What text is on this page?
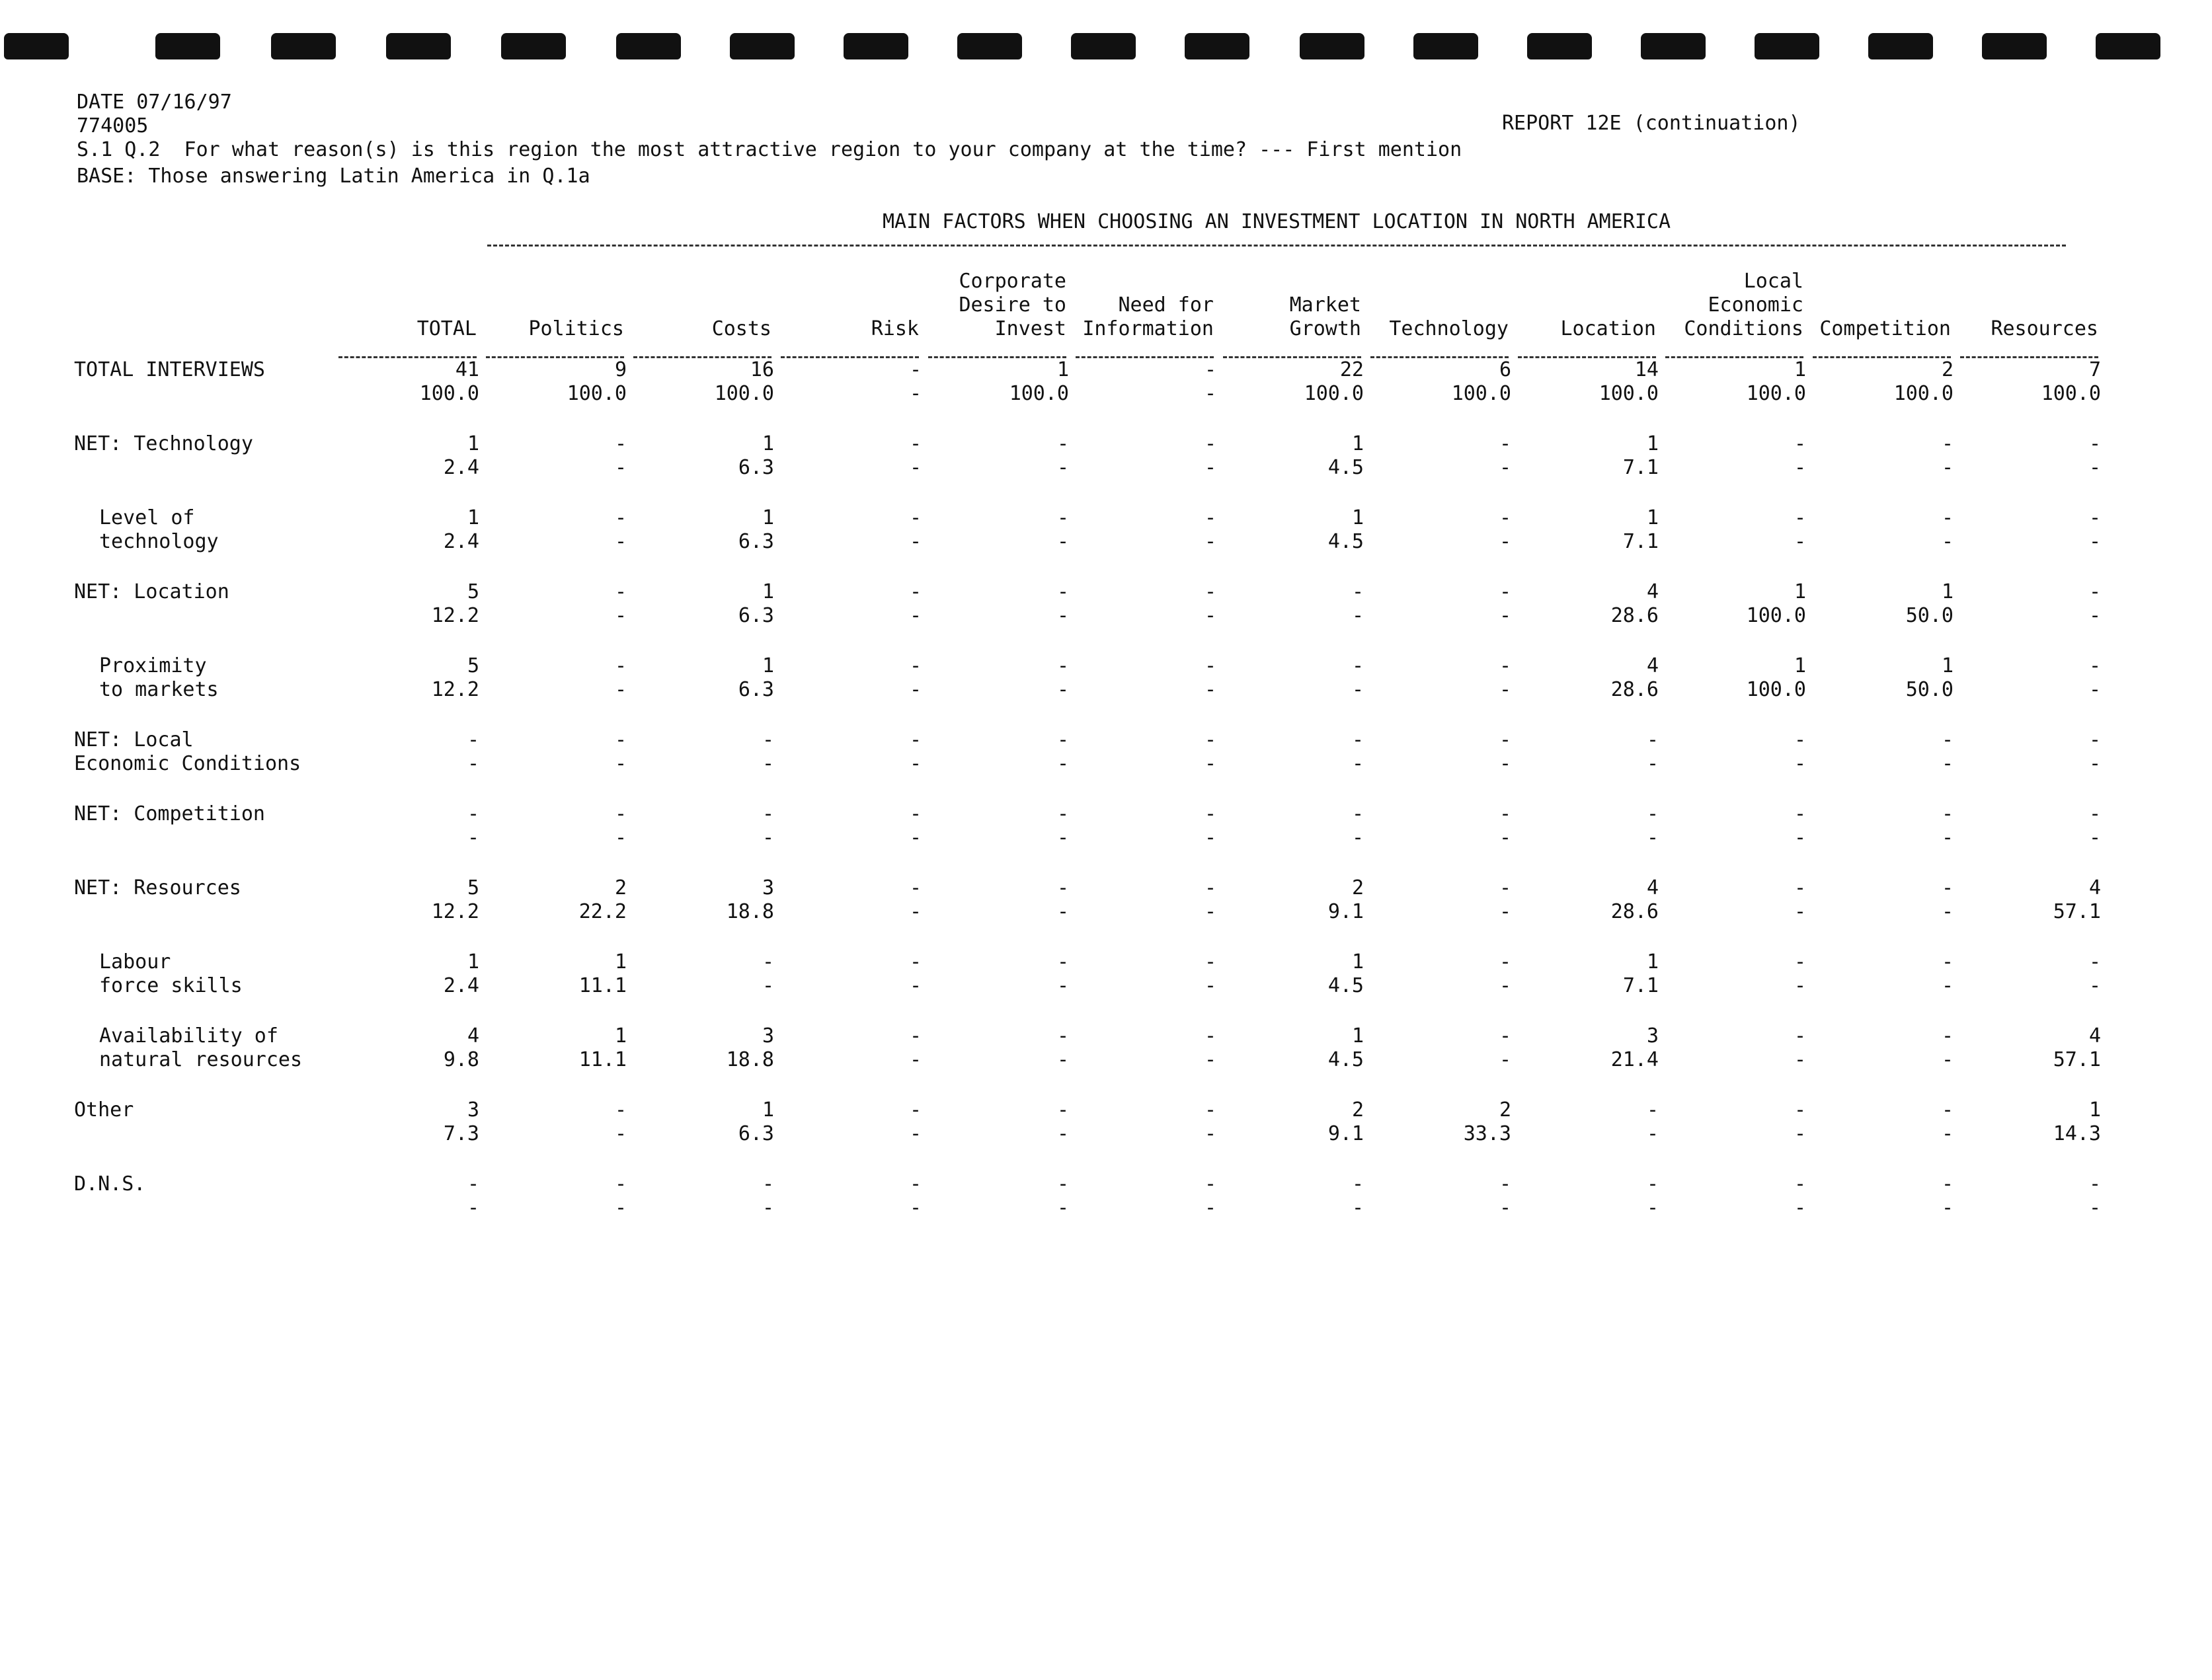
DATE 07/16/97
774005	REPORT 12E (continuation)
S.1 Q.2  For what reason(s) is this region the most attractive region to your company at the time? --- First mention
BASE: Those answering Latin America in Q.1a
MAIN FACTORS WHEN CHOOSING AN INVESTMENT LOCATION IN NORTH AMERICA
	TOTAL	Politics	Costs	Risk	Corporate
Desire to
Invest	Need for
Information	Market
Growth	Technology	Location	Local
Economic
Conditions	Competition	Resources

TOTAL INTERVIEWS	41	9	16	-	1	-	22	6	14	1	2	7
	100.0	100.0	100.0	-	100.0	-	100.0	100.0	100.0	100.0	100.0	100.0

NET: Technology	1	-	1	-	-	-	1	-	1	-	-	-
	2.4	-	6.3	-	-	-	4.5	-	7.1	-	-	-

Level of
technology	1	-	1	-	-	-	1	-	1	-	-	-
	2.4	-	6.3	-	-	-	4.5	-	7.1	-	-	-

NET: Location	5	-	1	-	-	-	-	-	4	1	1	-
	12.2	-	6.3	-	-	-	-	-	28.6	100.0	50.0	-

Proximity
to markets	5	-	1	-	-	-	-	-	4	1	1	-
	12.2	-	6.3	-	-	-	-	-	28.6	100.0	50.0	-

NET: Local
Economic Conditions	-	-	-	-	-	-	-	-	-	-	-	-
	-	-	-	-	-	-	-	-	-	-	-	-

NET: Competition	-	-	-	-	-	-	-	-	-	-	-	-
	-	-	-	-	-	-	-	-	-	-	-	-

NET: Resources	5	2	3	-	-	-	2	-	4	-	-	4
	12.2	22.2	18.8	-	-	-	9.1	-	28.6	-	-	57.1

Labour
force skills	1	1	-	-	-	-	1	-	1	-	-	-
	2.4	11.1	-	-	-	-	4.5	-	7.1	-	-	-

Availability of
natural resources	4	1	3	-	-	-	1	-	3	-	-	4
	9.8	11.1	18.8	-	-	-	4.5	-	21.4	-	-	57.1

Other	3	-	1	-	-	-	2	2	-	-	-	1
	7.3	-	6.3	-	-	-	9.1	33.3	-	-	-	14.3

D.N.S.	-	-	-	-	-	-	-	-	-	-	-	-
	-	-	-	-	-	-	-	-	-	-	-	-
